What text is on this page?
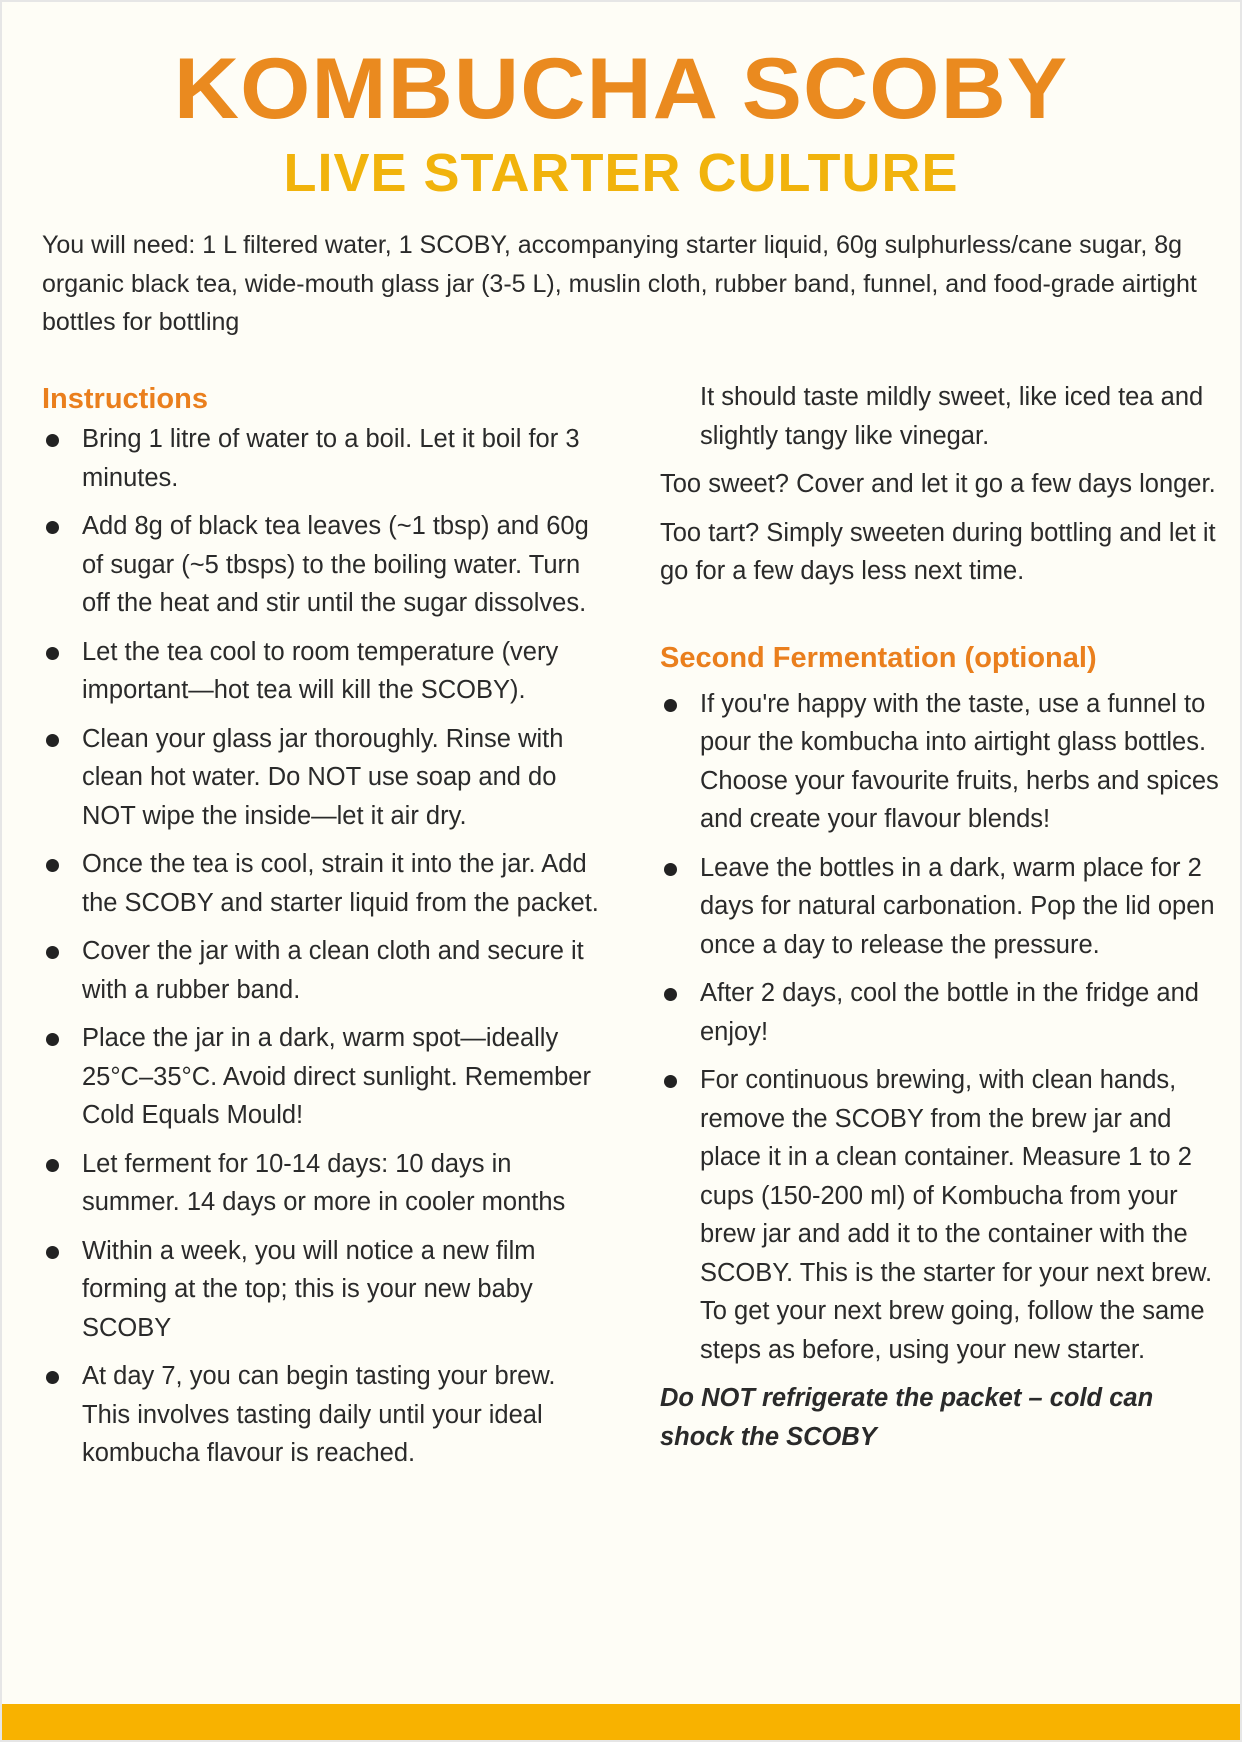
KOMBUCHA SCOBY
LIVE STARTER CULTURE
You will need: 1 L filtered water, 1 SCOBY, accompanying starter liquid, 60g sulphurless/cane sugar, 8g organic black tea, wide-mouth glass jar (3-5 L), muslin cloth, rubber band, funnel, and food-grade airtight bottles for bottling
Instructions
Bring 1 litre of water to a boil. Let it boil for 3 minutes.
Add 8g of black tea leaves (~1 tbsp) and 60g of sugar (~5 tbsps) to the boiling water. Turn off the heat and stir until the sugar dissolves.
Let the tea cool to room temperature (very important—hot tea will kill the SCOBY).
Clean your glass jar thoroughly. Rinse with clean hot water. Do NOT use soap and do NOT wipe the inside—let it air dry.
Once the tea is cool, strain it into the jar. Add the SCOBY and starter liquid from the packet.
Cover the jar with a clean cloth and secure it with a rubber band.
Place the jar in a dark, warm spot—ideally 25°C–35°C. Avoid direct sunlight. Remember Cold Equals Mould!
Let ferment for 10-14 days: 10 days in summer. 14 days or more in cooler months
Within a week, you will notice a new film forming at the top; this is your new baby SCOBY
At day 7, you can begin tasting your brew. This involves tasting daily until your ideal kombucha flavour is reached.
It should taste mildly sweet, like iced tea and slightly tangy like vinegar.
Too sweet? Cover and let it go a few days longer.
Too tart? Simply sweeten during bottling and let it go for a few days less next time.
Second Fermentation (optional)
If you're happy with the taste, use a funnel to pour the kombucha into airtight glass bottles. Choose your favourite fruits, herbs and spices and create your flavour blends!
Leave the bottles in a dark, warm place for 2 days for natural carbonation. Pop the lid open once a day to release the pressure.
After 2 days, cool the bottle in the fridge and enjoy!
For continuous brewing, with clean hands, remove the SCOBY from the brew jar and place it in a clean container. Measure 1 to 2 cups (150-200 ml) of Kombucha from your brew jar and add it to the container with the SCOBY. This is the starter for your next brew. To get your next brew going, follow the same steps as before, using your new starter.
Do NOT refrigerate the packet – cold can shock the SCOBY
